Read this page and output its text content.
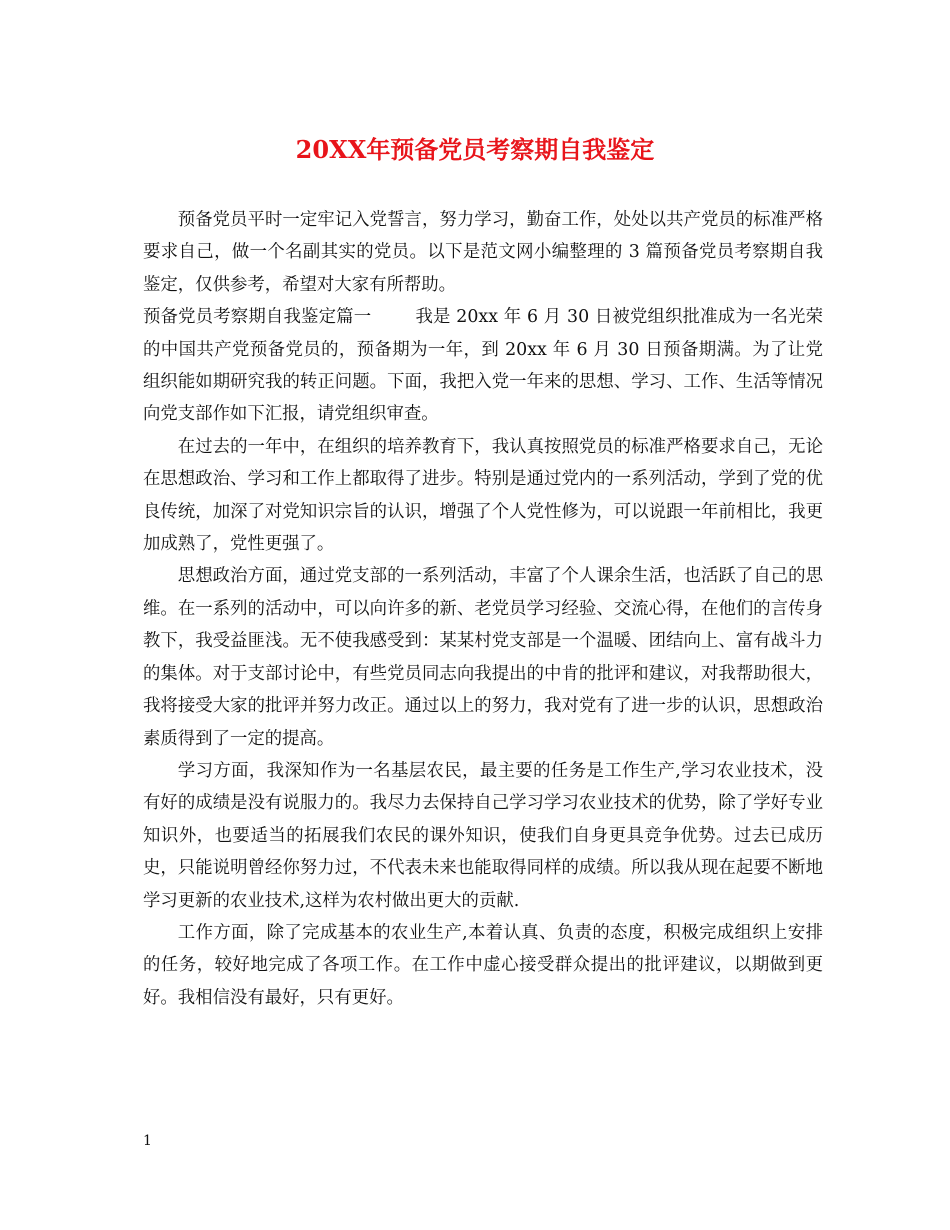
20XX年预备党员考察期自我鉴定

预备党员平时一定牢记入党誓言，努力学习，勤奋工作，处处以共产党员的标准严格要求自己，做一个名副其实的党员。以下是范文网小编整理的 3 篇预备党员考察期自我鉴定，仅供参考，希望对大家有所帮助。

预备党员考察期自我鉴定篇一	我是 20xx 年 6 月 30 日被党组织批准成为一名光荣的中国共产党预备党员的，预备期为一年，到 20xx 年 6 月 30 日预备期满。为了让党组织能如期研究我的转正问题。下面，我把入党一年来的思想、学习、工作、生活等情况向党支部作如下汇报，请党组织审查。

在过去的一年中，在组织的培养教育下，我认真按照党员的标准严格要求自己，无论在思想政治、学习和工作上都取得了进步。特别是通过党内的一系列活动，学到了党的优良传统，加深了对党知识宗旨的认识，增强了个人党性修为，可以说跟一年前相比，我更加成熟了，党性更强了。

思想政治方面，通过党支部的一系列活动，丰富了个人课余生活，也活跃了自己的思维。在一系列的活动中，可以向许多的新、老党员学习经验、交流心得，在他们的言传身教下，我受益匪浅。无不使我感受到：某某村党支部是一个温暖、团结向上、富有战斗力的集体。对于支部讨论中，有些党员同志向我提出的中肯的批评和建议，对我帮助很大，我将接受大家的批评并努力改正。通过以上的努力，我对党有了进一步的认识，思想政治素质得到了一定的提高。

学习方面，我深知作为一名基层农民，最主要的任务是工作生产,学习农业技术，没有好的成绩是没有说服力的。我尽力去保持自己学习学习农业技术的优势，除了学好专业知识外，也要适当的拓展我们农民的课外知识，使我们自身更具竞争优势。过去已成历史，只能说明曾经你努力过，不代表未来也能取得同样的成绩。所以我从现在起要不断地学习更新的农业技术,这样为农村做出更大的贡献.

工作方面，除了完成基本的农业生产,本着认真、负责的态度，积极完成组织上安排的任务，较好地完成了各项工作。在工作中虚心接受群众提出的批评建议，以期做到更好。我相信没有最好，只有更好。

1
